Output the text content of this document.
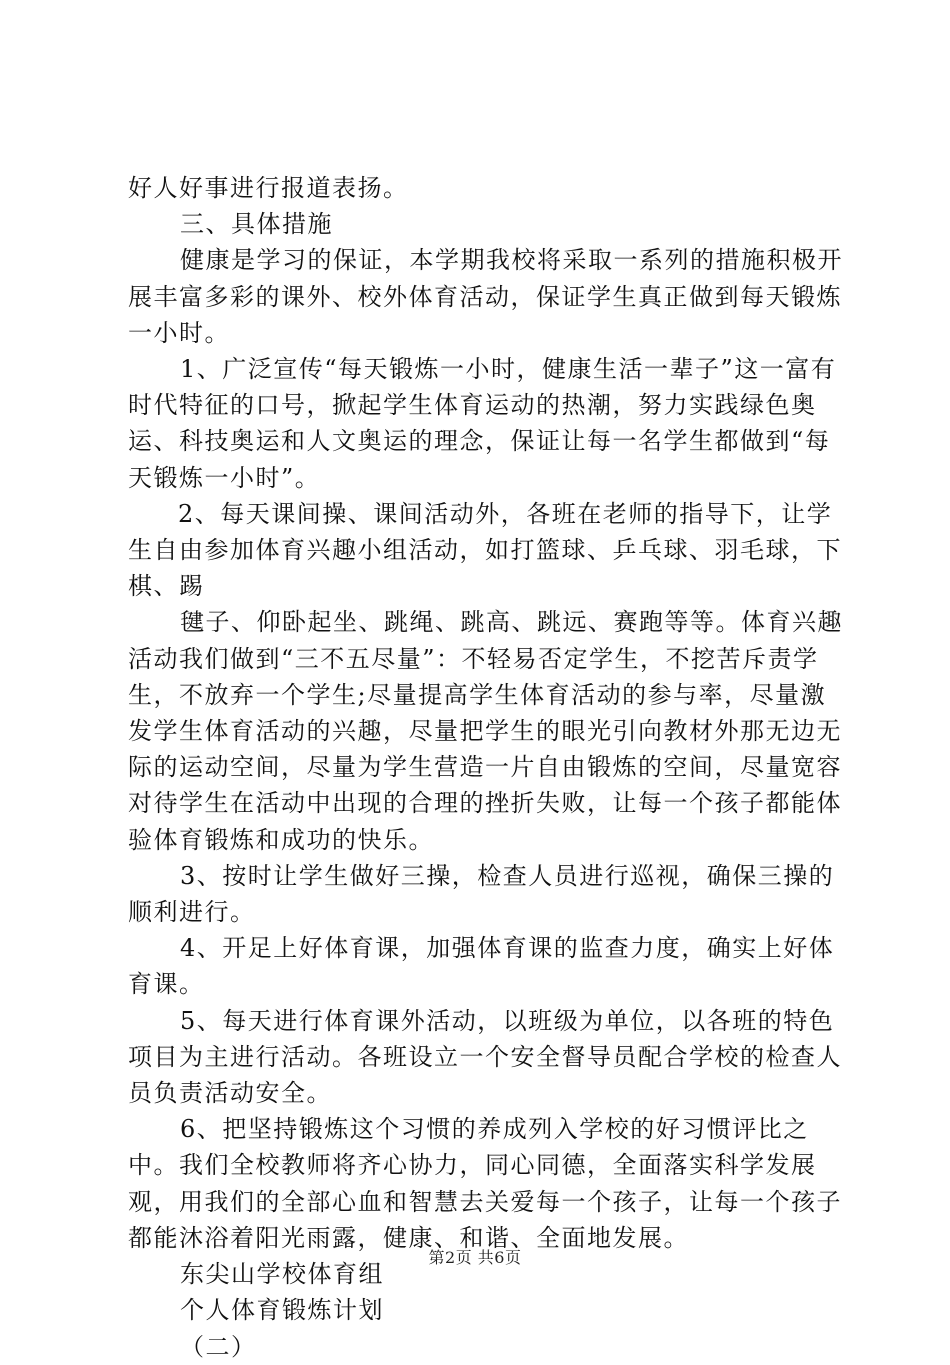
好人好事进行报道表扬。

三、具体措施

健康是学习的保证，本学期我校将采取一系列的措施积极开展丰富多彩的课外、校外体育活动，保证学生真正做到每天锻炼一小时。

1、广泛宣传“每天锻炼一小时，健康生活一辈子”这一富有时代特征的口号，掀起学生体育运动的热潮，努力实践绿色奥运、科技奥运和人文奥运的理念，保证让每一名学生都做到“每天锻炼一小时”。

2、每天课间操、课间活动外，各班在老师的指导下，让学生自由参加体育兴趣小组活动，如打篮球、乒乓球、羽毛球，下棋、踢

毽子、仰卧起坐、跳绳、跳高、跳远、赛跑等等。体育兴趣活动我们做到“三不五尽量”：不轻易否定学生，不挖苦斥责学生，不放弃一个学生;尽量提高学生体育活动的参与率，尽量激发学生体育活动的兴趣，尽量把学生的眼光引向教材外那无边无际的运动空间，尽量为学生营造一片自由锻炼的空间，尽量宽容对待学生在活动中出现的合理的挫折失败，让每一个孩子都能体验体育锻炼和成功的快乐。

3、按时让学生做好三操，检查人员进行巡视，确保三操的顺利进行。

4、开足上好体育课，加强体育课的监查力度，确实上好体育课。

5、每天进行体育课外活动，以班级为单位，以各班的特色项目为主进行活动。各班设立一个安全督导员配合学校的检查人员负责活动安全。

6、把坚持锻炼这个习惯的养成列入学校的好习惯评比之中。我们全校教师将齐心协力，同心同德，全面落实科学发展观，用我们的全部心血和智慧去关爱每一个孩子，让每一个孩子都能沐浴着阳光雨露，健康、和谐、全面地发展。

东尖山学校体育组

个人体育锻炼计划

（二）

第2页 共6页
